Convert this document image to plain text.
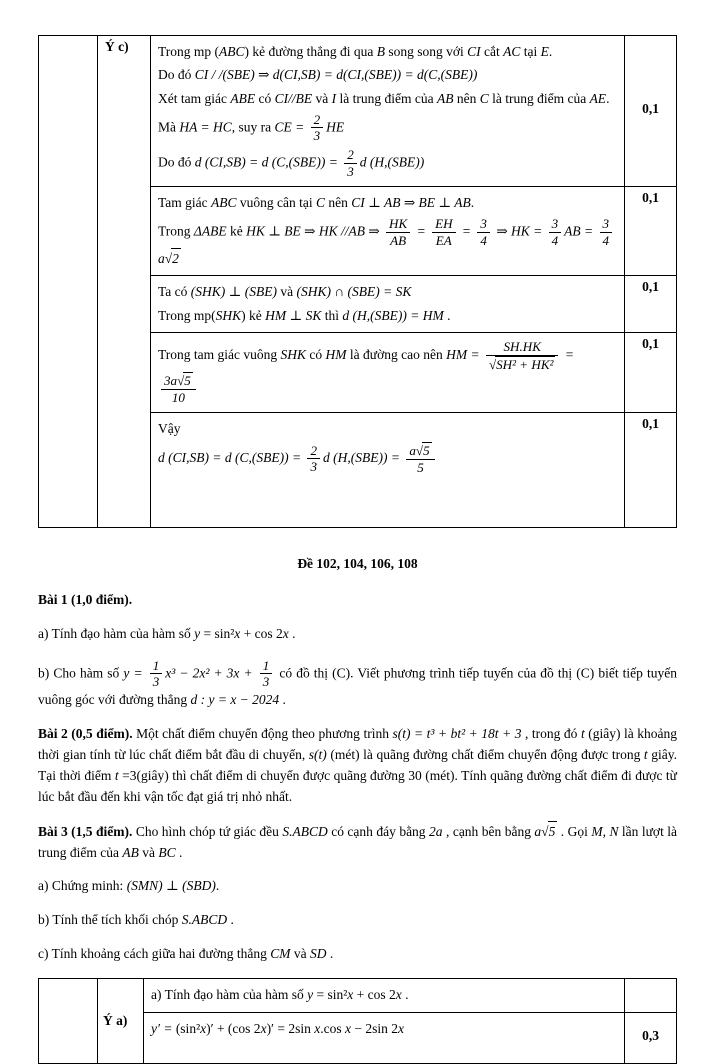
	Ý c)	Trong mp (ABC) kẻ đường thẳng đi qua B song song với CI cắt AC tại E.
Do đó CI / /(SBE) ⇒ d(CI,SB) = d(CI,(SBE)) = d(C,(SBE))
Xét tam giác ABE có CI//BE và I là trung điểm của AB nên C là trung điểm của AE.
Mà HA = HC, suy ra CE = $\frac{2}{3}$ HE
Do đó d (CI,SB) = d $(C,(SBE)) = \frac{2}{3}$ d (H,(SBE))
	0,1

Tam giác ABC vuông cân tại C nên CI ⊥ AB ⇒ BE ⊥ AB.
Trong ΔABE kẻ HK ⊥ BE ⇒ HK //AB ⇒ $\frac{HK}{AB} = \frac{EH}{EA} = \frac{3}{4}$ ⇒ HK = $\frac{3}{4}$ AB = $\frac{3}{4}$
a√2
	0,1

		Ta có (SHK) ⊥ (SBE) và (SHK) ∩ (SBE) = SK
Trong mp(SHK) kẻ HM ⊥ SK thì d (H,(SBE)) = HM .	0,1

Trong tam giác vuông SHK có HM là đường cao nên HM = $\frac{SH.HK}{\text{√SH² + HK²}}$ =
$\frac{3a√5}{10}$
	0,1

Vậy
d (CI,SB) = d $(C,(SBE)) = \frac{2}{3}$ d $(H,(SBE)) = \frac{a√5}{5}$
	0,1
Đề 102, 104, 106, 108

Bài 1 (1,0 điểm).

a) Tính đạo hàm của hàm số y = sin²x + cos 2x .

b) Cho hàm số $y = \frac{1}{3} x^3 - 2x^2 + 3x + \frac{1}{3}$ có đồ thị (C). Viết phương trình tiếp tuyến của đồ thị (C) biết tiếp tuyến vuông góc với đường thẳng d : y = x − 2024 .

Bài 2 (0,5 điểm). Một chất điểm chuyển động theo phương trình s(t) = t³ + bt² + 18t + 3 , trong đó t (giây) là khoảng thời gian tính từ lúc chất điểm bắt đầu di chuyển, s(t) (mét) là quãng đường chất điểm chuyển động được trong t giây. Tại thời điểm t =3(giây) thì chất điểm di chuyển được quãng đường 30 (mét). Tính quãng đường chất điểm đi được từ lúc bắt đầu đến khi vận tốc đạt giá trị nhỏ nhất.

Bài 3 (1,5 điểm). Cho hình chóp tứ giác đều S.ABCD có cạnh đáy bằng 2a , cạnh bên bằng a√5 . Gọi M, N lần lượt là trung điểm của AB và BC .

a) Chứng minh: (SMN) ⊥ (SBD).

b) Tính thể tích khối chóp S.ABCD .

c) Tính khoảng cách giữa hai đường thẳng CM và SD .

	Ý a)	a) Tính đạo hàm của hàm số y = sin²x + cos 2x .	

		y′ = (sin²x)′ + (cos 2x)′ = 2sin x.cos x − 2sin 2x	0,3
